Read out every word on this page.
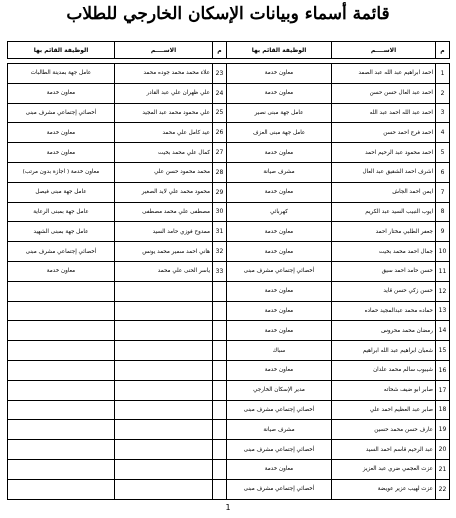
قائمة أسماء وبيانات الإسكان الخارجي للطلاب
م	الاســــم	الوظيفة القائم بها

1	احمد ابراهيم عبد الله عبد الصمد	معاون خدمة
2	احمد عبد العال حسن حسن	معاون خدمة
3	احمد عبد الله احمد عبد الله	عامل جهة مبنى نصير
4	احمد فرج احمد حسن	عامل جهة مبنى العزف
5	احمد محمود عبد الرحيم احمد	معاون خدمة
6	اشرف احمد الشقيق عبد العال	مشرف صيانة
7	ايمن احمد الجاش	معاون خدمة
8	ايوب النبيب السيد عبد الكريم	كهربائي
9	جعفر الطلبي مختار احمد	معاون خدمة
10	جمال احمد محمد بخيت	معاون خدمة
11	حسن حامد احمد سيق	أخصائي إجتماعي مشرف مبنى
12	حسن زكي حسن قايد	معاون خدمة
13	حماده محمد عبدالمجيد حماده	معاون خدمة
14	رمضان محمد محروس	معاون خدمة
15	شعبان ابراهيم عبد الله ابراهيم	سباك
16	شيبوب سالم محمد علدان	معاون خدمة
17	صابر ابو ضيف شحاته	مدير الإسكان الخارجي
18	صابر عبد العظيم احمد علي	أخصائي إجتماعي مشرف مبنى
19	عارف حسن محمد حسين	مشرف صيانة
20	عبد الرحيم قاسم احمد السيد	أخصائي إجتماعي مشرف مبنى
21	عزت العجمي ضري عبد العزيز	معاون خدمة
22	عزت لهيب عزير عويضة	أخصائي إجتماعي مشرف مبنى
م	الاســــم	الوظيفة القائم بها

23	علاء محمد محمد جوده محمد	عامل جهة بمدينة الطالبات
24	علي ظهران علي عبد القادر	معاون خدمة
25	علي محمود محمد عبد المجيد	أخصائي إجتماعي مشرف مبنى
26	عيد كامل علي محمد	معاون خدمة
27	كمال علي محمد بخيت	معاون خدمة
28	محمد محمود حسن علي	معاون خدمة ( اجازة بدون مرتب)
29	محمود محمد علي لايد الصغير	عامل جهة مبنى فيصل
30	مصطفى علي محمد مصطفى	عامل جهة بمبنى الرعاية
31	ممدوح فوزي حامد السيد	عامل جهة بمبنى الشهيد
32	هاني احمد سمير محمد يونس	أخصائي إجتماعي مشرف مبنى
33	ياسر الحنى علي محمد	معاون خدمة

1
